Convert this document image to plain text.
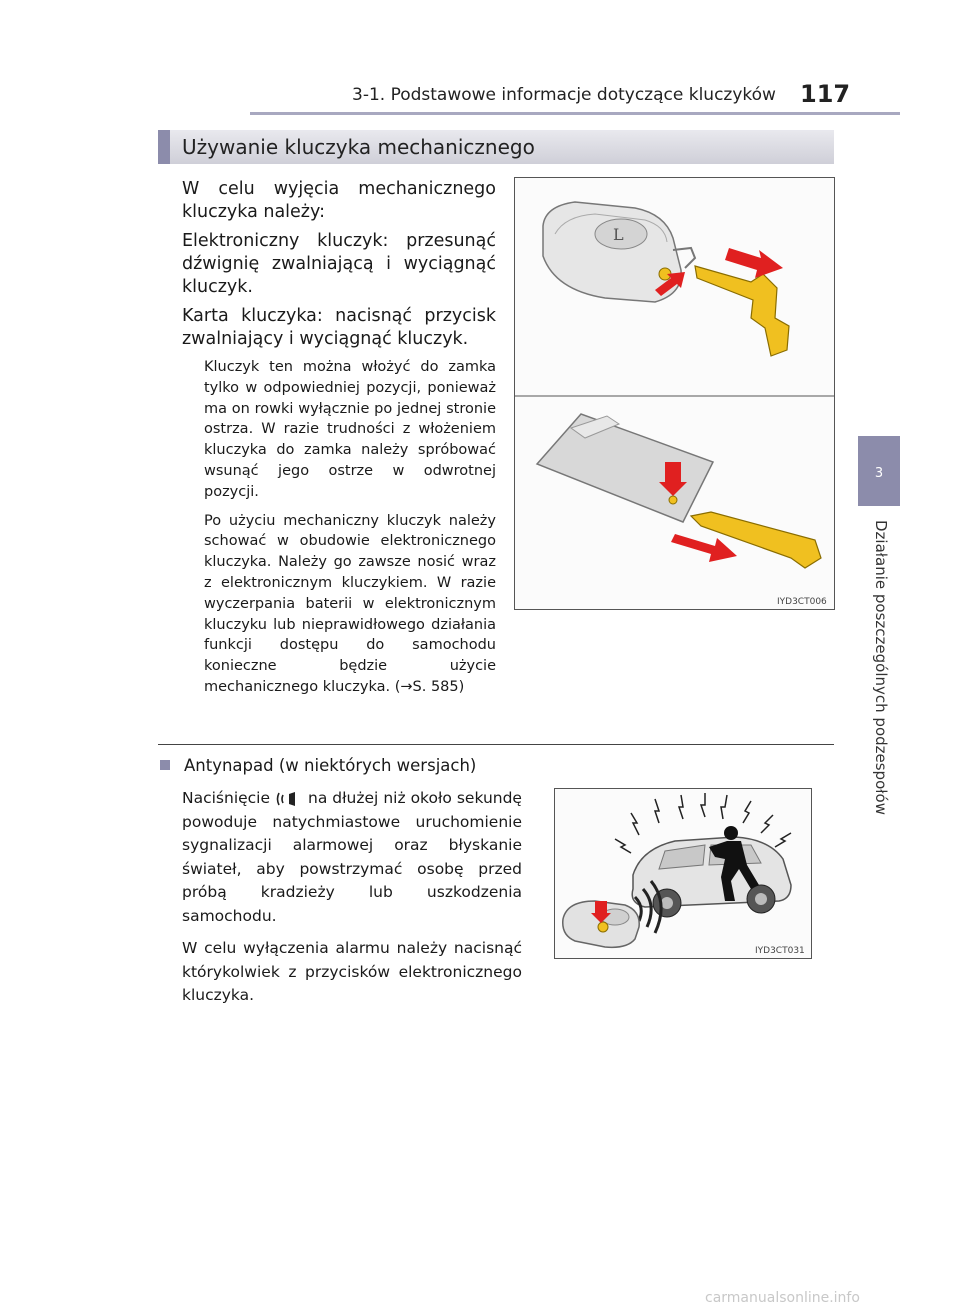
3-1. Podstawowe informacje dotyczące kluczyków 117
3
Działanie poszczególnych podzespołów
Używanie kluczyka mechanicznego

W celu wyjęcia mechanicznego kluczyka należy:

Elektroniczny kluczyk: przesunąć dźwignię zwalniającą i wyciągnąć kluczyk.

Karta kluczyka: nacisnąć przycisk zwalniający i wyciągnąć kluczyk.

Kluczyk ten można włożyć do zamka tylko w odpowiedniej pozycji, ponieważ ma on rowki wyłącznie po jednej stronie ostrza. W razie trudności z włożeniem kluczyka do zamka należy spróbować wsunąć jego ostrze w odwrotnej pozycji.

Po użyciu mechaniczny kluczyk należy schować w obudowie elektronicznego kluczyka. Należy go zawsze nosić wraz z elektronicznym kluczykiem. W razie wyczerpania baterii w elektronicznym kluczyku lub nieprawidłowego działania funkcji dostępu do samochodu konieczne będzie użycie mechanicznego kluczyka. (→S. 585)

L
IYD3CT006
Antynapad (w niektórych wersjach)

Naciśnięcie na dłużej niż około sekundę powoduje natychmiastowe uruchomienie sygnalizacji alarmowej oraz błyskanie świateł, aby powstrzymać osobę przed próbą kradzieży lub uszkodzenia samochodu.

W celu wyłączenia alarmu należy nacisnąć którykolwiek z przycisków elektronicznego kluczyka.

IYD3CT031
carmanualsonline.info
